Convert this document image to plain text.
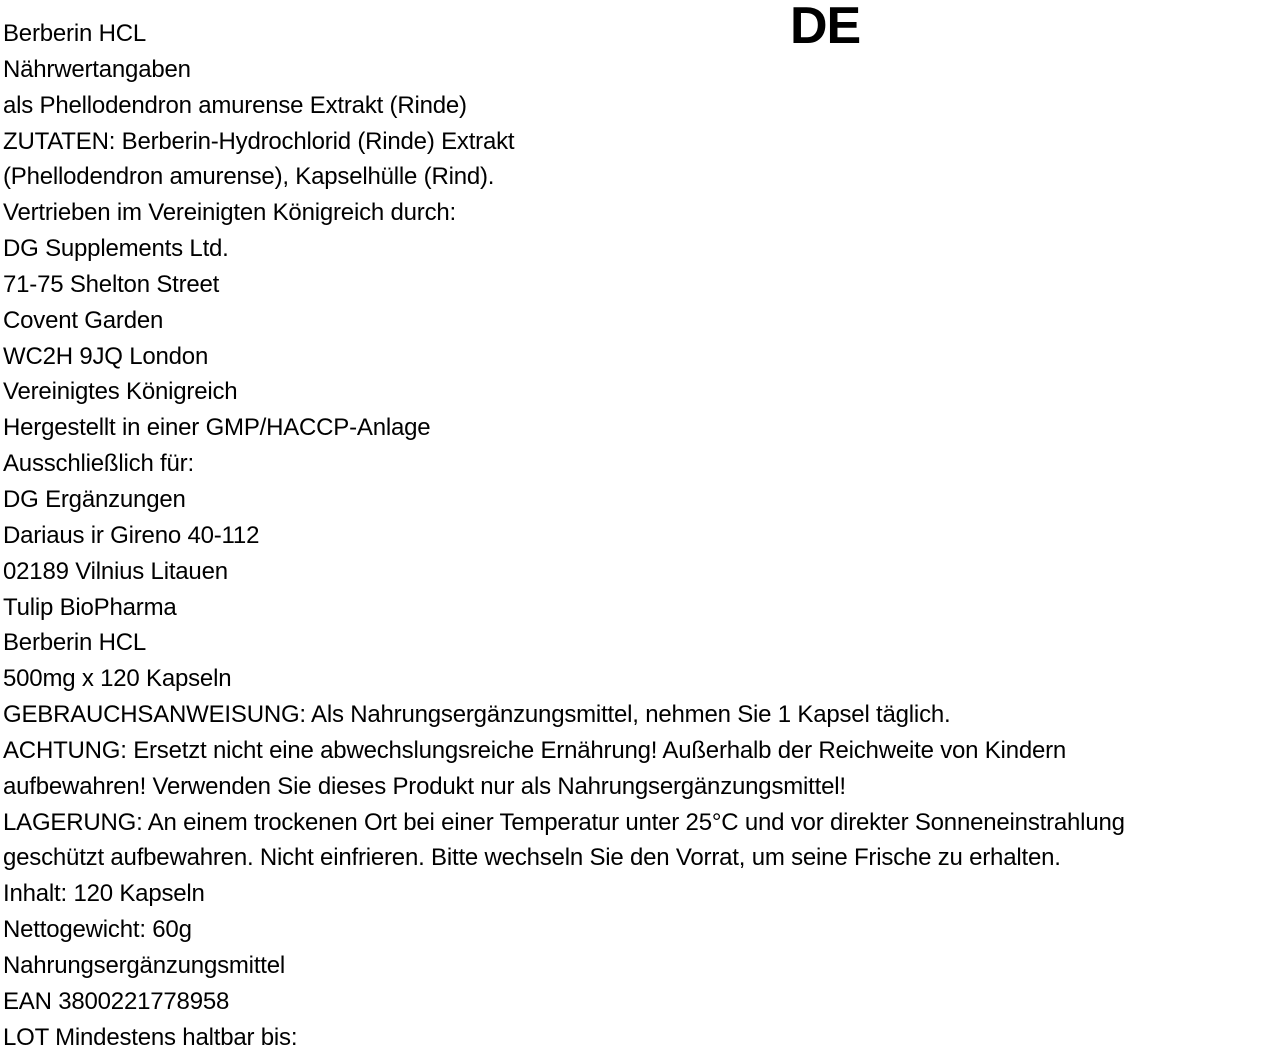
DE
Berberin HCL
Nährwertangaben
als Phellodendron amurense Extrakt (Rinde)
ZUTATEN: Berberin-Hydrochlorid (Rinde) Extrakt
(Phellodendron amurense), Kapselhülle (Rind).
Vertrieben im Vereinigten Königreich durch:
DG Supplements Ltd.
71-75 Shelton Street
Covent Garden
WC2H 9JQ London
Vereinigtes Königreich
Hergestellt in einer GMP/HACCP-Anlage
Ausschließlich für:
DG Ergänzungen
Dariaus ir Gireno 40-112
02189 Vilnius Litauen
Tulip BioPharma
Berberin HCL
500mg x 120 Kapseln
GEBRAUCHSANWEISUNG: Als Nahrungsergänzungsmittel, nehmen Sie 1 Kapsel täglich.
ACHTUNG: Ersetzt nicht eine abwechslungsreiche Ernährung! Außerhalb der Reichweite von Kindern
aufbewahren! Verwenden Sie dieses Produkt nur als Nahrungsergänzungsmittel!
LAGERUNG: An einem trockenen Ort bei einer Temperatur unter 25°C und vor direkter Sonneneinstrahlung
geschützt aufbewahren. Nicht einfrieren. Bitte wechseln Sie den Vorrat, um seine Frische zu erhalten.
Inhalt: 120 Kapseln
Nettogewicht: 60g
Nahrungsergänzungsmittel
EAN 3800221778958
LOT Mindestens haltbar bis:
